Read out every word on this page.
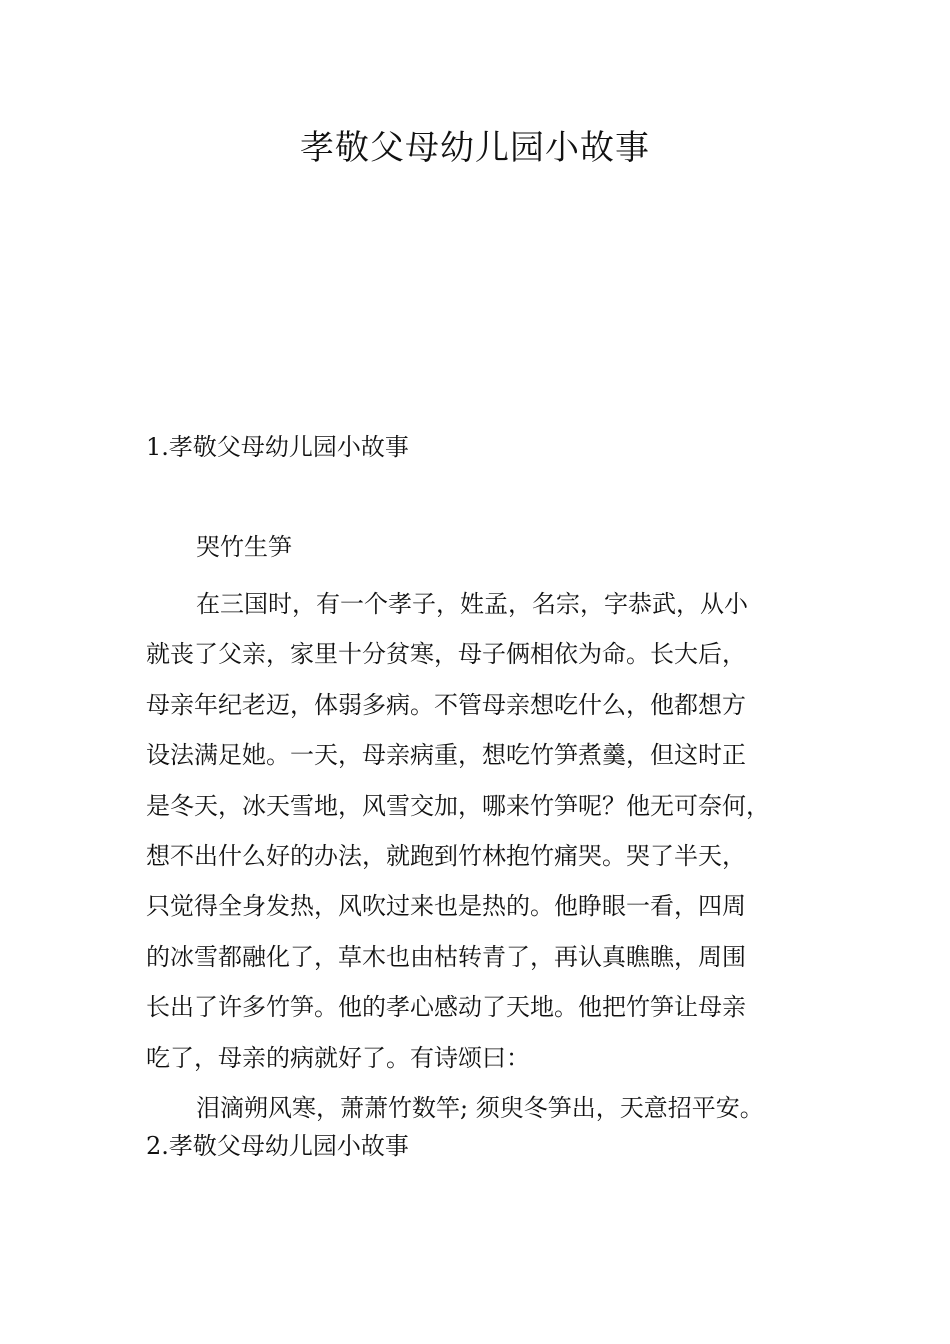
孝敬父母幼儿园小故事
1.孝敬父母幼儿园小故事

哭竹生笋

在三国时，有一个孝子，姓孟，名宗，字恭武，从小
就丧了父亲，家里十分贫寒，母子俩相依为命。长大后，
母亲年纪老迈，体弱多病。不管母亲想吃什么，他都想方
设法满足她。一天，母亲病重，想吃竹笋煮羹，但这时正
是冬天，冰天雪地，风雪交加，哪来竹笋呢？他无可奈何，
想不出什么好的办法，就跑到竹林抱竹痛哭。哭了半天，
只觉得全身发热，风吹过来也是热的。他睁眼一看，四周
的冰雪都融化了，草木也由枯转青了，再认真瞧瞧，周围
长出了许多竹笋。他的孝心感动了天地。他把竹笋让母亲
吃了，母亲的病就好了。有诗颂曰：
泪滴朔风寒，萧萧竹数竿; 须臾冬笋出，天意招平安。
2.孝敬父母幼儿园小故事
